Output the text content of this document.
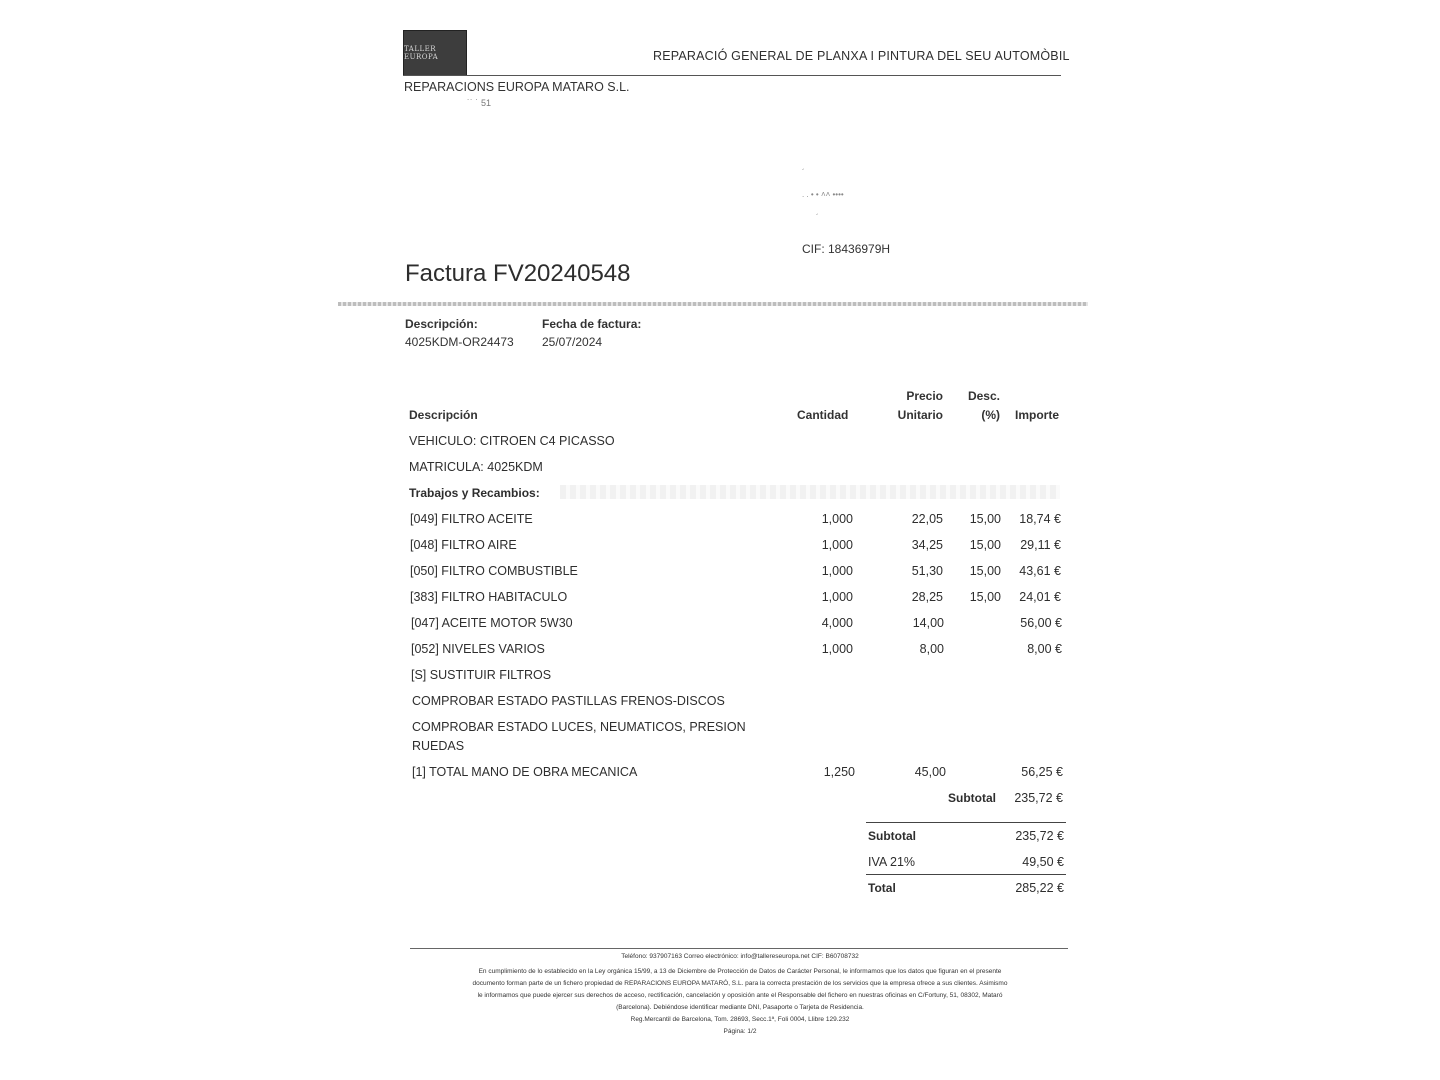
TALLER EUROPA	REPARACIÓ GENERAL DE PLANXA I PINTURA DEL SEU AUTOMÒBIL
REPARACIONS EUROPA MATARO S.L.
˙˙ ˙ 51
´
. . • • ˄˄ ••••
´
CIF: 18436979H
Factura FV20240548
Descripción:
4025KDM-OR24473
Fecha de factura:
25/07/2024
Descripción	Cantidad
Precio
Unitario
Desc.
(%)	Importe
VEHICULO: CITROEN C4 PICASSO
MATRICULA: 4025KDM
Trabajos y Recambios:
[049] FILTRO ACEITE	1,000	22,05	15,00	18,74 €
[048] FILTRO AIRE	1,000	34,25	15,00	29,11 €
[050] FILTRO COMBUSTIBLE	1,000	51,30	15,00	43,61 €
[383] FILTRO HABITACULO	1,000	28,25	15,00	24,01 €
[047] ACEITE MOTOR 5W30	4,000	14,00	56,00 €
[052] NIVELES VARIOS	1,000	8,00	8,00 €
[S] SUSTITUIR FILTROS
COMPROBAR ESTADO PASTILLAS FRENOS-DISCOS
COMPROBAR ESTADO LUCES, NEUMATICOS, PRESION
RUEDAS
[1] TOTAL MANO DE OBRA MECANICA	1,250	45,00	56,25 €
Subtotal	235,72 €
Subtotal	235,72 €
IVA 21%	49,50 €
Total	285,22 €
Teléfono: 937907163 Correo electrónico: info@tallereseuropa.net CIF: B60708732
En cumplimiento de lo establecido en la Ley orgánica 15/99, a 13 de Diciembre de Protección de Datos de Carácter Personal, le informamos que los datos que figuran en el presente
documento forman parte de un fichero propiedad de REPARACIONS EUROPA MATARÓ, S.L. para la correcta prestación de los servicios que la empresa ofrece a sus clientes. Asimismo
le informamos que puede ejercer sus derechos de acceso, rectificación, cancelación y oposición ante el Responsable del fichero en nuestras oficinas en C/Fortuny, 51, 08302, Mataró
(Barcelona). Debiéndose identificar mediante DNI, Pasaporte o Tarjeta de Residencia.
Reg.Mercantil de Barcelona, Tom. 28693, Secc.1ª, Foli 0004, Llibre 129.232
Página: 1/2
